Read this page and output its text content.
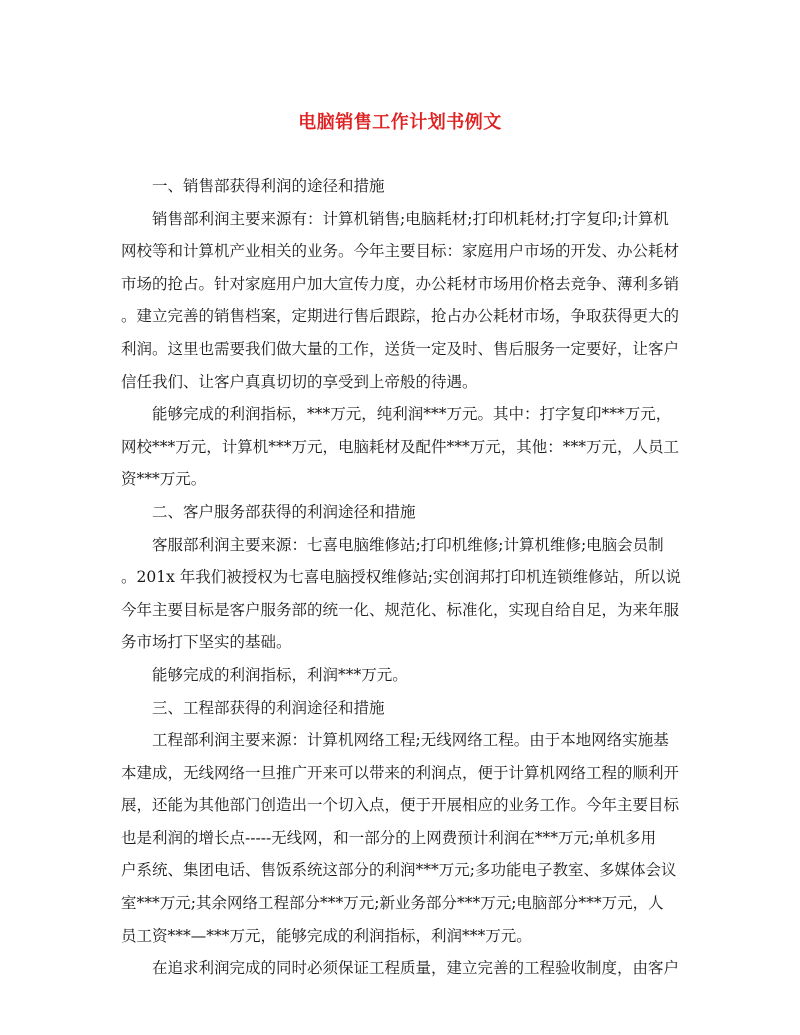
电脑销售工作计划书例文
一、销售部获得利润的途径和措施
销售部利润主要来源有：计算机销售;电脑耗材;打印机耗材;打字复印;计算机
网校等和计算机产业相关的业务。今年主要目标：家庭用户市场的开发、办公耗材
市场的抢占。针对家庭用户加大宣传力度，办公耗材市场用价格去竞争、薄利多销
。建立完善的销售档案，定期进行售后跟踪，抢占办公耗材市场，争取获得更大的
利润。这里也需要我们做大量的工作，送货一定及时、售后服务一定要好，让客户
信任我们、让客户真真切切的享受到上帝般的待遇。
能够完成的利润指标，***万元，纯利润***万元。其中：打字复印***万元，
网校***万元，计算机***万元，电脑耗材及配件***万元，其他：***万元，人员工
资***万元。
二、客户服务部获得的利润途径和措施
客服部利润主要来源：七喜电脑维修站;打印机维修;计算机维修;电脑会员制
。201x 年我们被授权为七喜电脑授权维修站;实创润邦打印机连锁维修站，所以说
今年主要目标是客户服务部的统一化、规范化、标准化，实现自给自足，为来年服
务市场打下坚实的基础。
能够完成的利润指标，利润***万元。
三、工程部获得的利润途径和措施
工程部利润主要来源：计算机网络工程;无线网络工程。由于本地网络实施基
本建成，无线网络一旦推广开来可以带来的利润点，便于计算机网络工程的顺利开
展，还能为其他部门创造出一个切入点，便于开展相应的业务工作。今年主要目标
也是利润的增长点-----无线网，和一部分的上网费预计利润在***万元;单机多用
户系统、集团电话、售饭系统这部分的利润***万元;多功能电子教室、多媒体会议
室***万元;其余网络工程部分***万元;新业务部分***万元;电脑部分***万元，人
员工资***—***万元，能够完成的利润指标，利润***万元。
在追求利润完成的同时必须保证工程质量，建立完善的工程验收制度，由客户
